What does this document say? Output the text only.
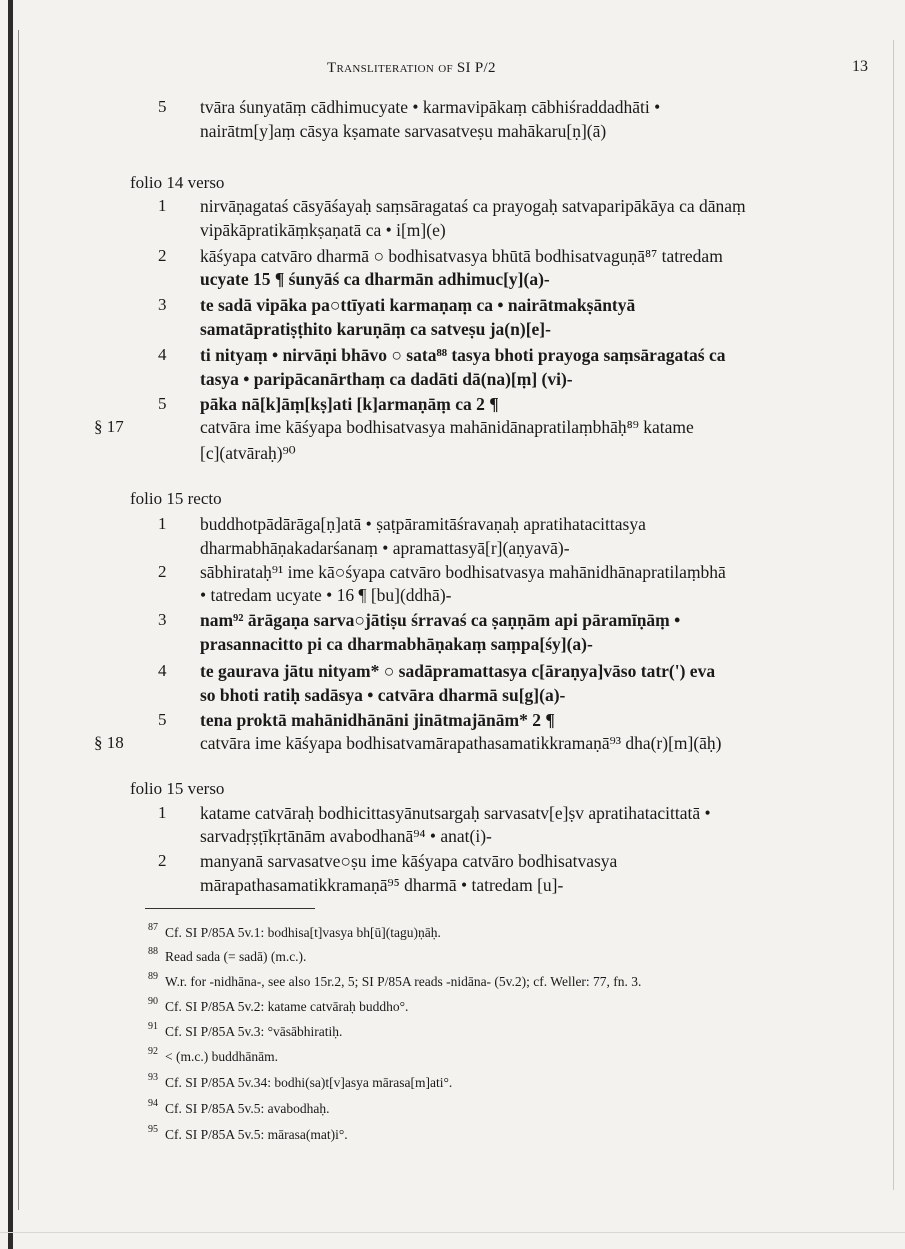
Transliteration of SI P/2	13
5 tvāra śunyatāṃ cādhimucyate • karmavipākaṃ cābhiśraddadhāti •
nairātm[y]aṃ cāsya kṣamate sarvasatveṣu mahākaru[ṇ](ā)
folio 14 verso
1 nirvāṇagataś cāsyāśayaḥ saṃsāragataś ca prayogaḥ satvaparipākāya ca dānaṃ
vipākāpratikāṃkṣaṇatā ca • i[m](e)
2 kāśyapa catvāro dharmā ○ bodhisatvasya bhūtā bodhisatvaguṇā⁸⁷ tatredam
ucyate 15 ¶ śunyāś ca dharmān adhimuc[y](a)-
3 te sadā vipāka pa○ttīyati karmaṇaṃ ca • nairātmakṣāntyā
samatāpratiṣṭhito karuṇāṃ ca satveṣu ja(n)[e]-
4 ti nityaṃ • nirvāṇi bhāvo ○ sata⁸⁸ tasya bhoti prayoga saṃsāragataś ca
tasya • paripācanārthaṃ ca dadāti dā(na)[ṃ] (vi)-
5 pāka nā[k]āṃ[kṣ]ati [k]armaṇāṃ ca 2 ¶
§ 17	catvāra ime kāśyapa bodhisatvasya mahānidānapratilaṃbhāḥ⁸⁹ katame
[c](atvāraḥ)⁹⁰
folio 15 recto
1 buddhotpādārāga[ṇ]atā • ṣaṭpāramitāśravaṇaḥ apratihatacittasya
dharmabhāṇakadarśanaṃ • apramattasyā[r](aṇyavā)-
2 sābhirataḥ⁹¹ ime kā○śyapa catvāro bodhisatvasya mahānidhānapratilaṃbhā
• tatredam ucyate • 16 ¶ [bu](ddhā)-
3 nam⁹² ārāgaṇa sarva○jātiṣu śrravaś ca ṣaṇṇām api pāramīṇāṃ •
prasannacitto pi ca dharmabhāṇakaṃ saṃpa[śy](a)-
4 te gaurava jātu nityam* ○ sadāpramattasya c[āraṇya]vāso tatr(') eva
so bhoti ratiḥ sadāsya • catvāra dharmā su[g](a)-
5 tena proktā mahānidhānāni jinātmajānām* 2 ¶
§ 18	catvāra ime kāśyapa bodhisatvamārapathasamatikkramaṇā⁹³ dha(r)[m](āḥ)
folio 15 verso
1 katame catvāraḥ bodhicittasyānutsargaḥ sarvasatv[e]ṣv apratihatacittatā •
sarvadṛṣṭīkṛtānām avabodhanā⁹⁴ • anat(i)-
2 manyanā sarvasatve○ṣu ime kāśyapa catvāro bodhisatvasya
mārapathasamatikkramaṇā⁹⁵ dharmā • tatredam [u]-
87 Cf. SI P/85A 5v.1: bodhisa[t]vasya bh[ū](tagu)ṇāḥ.
88 Read sada (= sadā) (m.c.).
89 W.r. for -nidhāna-, see also 15r.2, 5; SI P/85A reads -nidāna- (5v.2); cf. Weller: 77, fn. 3.
90 Cf. SI P/85A 5v.2: katame catvāraḥ buddho°.
91 Cf. SI P/85A 5v.3: °vāsābhiratiḥ.
92 < (m.c.) buddhānām.
93 Cf. SI P/85A 5v.34: bodhi(sa)t[v]asya mārasa[m]ati°.
94 Cf. SI P/85A 5v.5: avabodhaḥ.
95 Cf. SI P/85A 5v.5: mārasa(mat)i°.
